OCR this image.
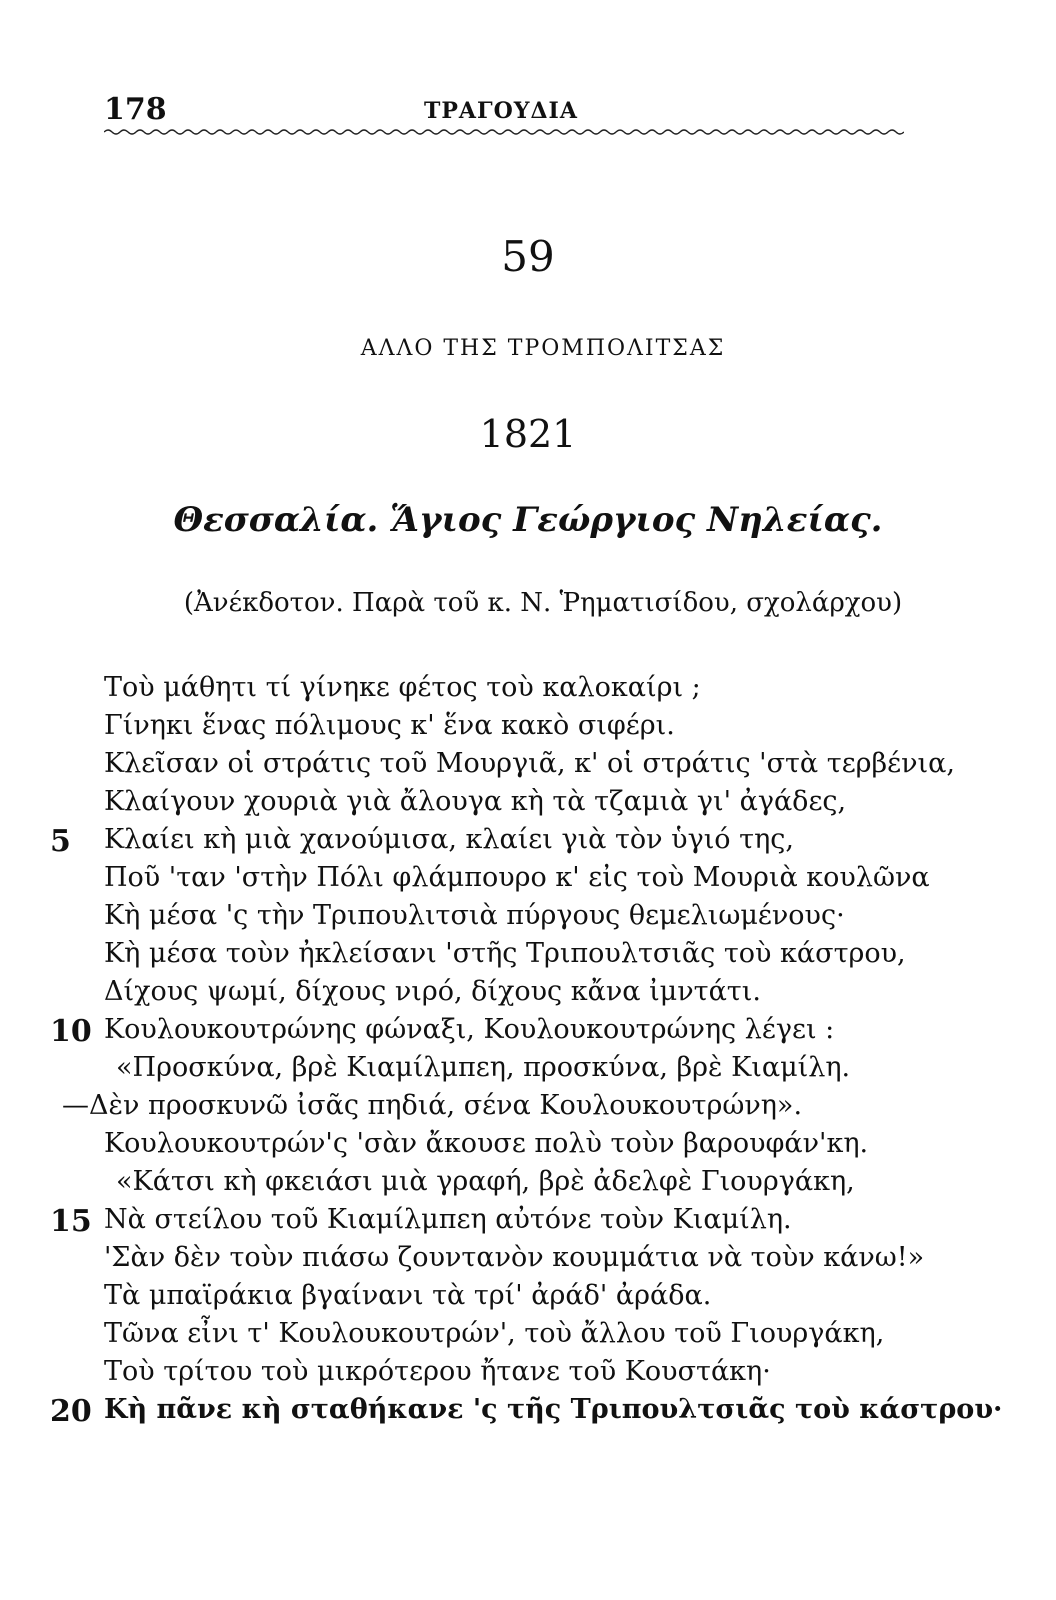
178	ΤΡΑΓΟΥΔΙΑ
59
ΑΛΛΟ ΤΗΣ ΤΡΟΜΠΟΛΙΤΣΑΣ
1821
Θεσσαλία. Ἅγιος Γεώργιος Νηλείας.
(Ἀνέκδοτον. Παρὰ τοῦ κ. Ν. Ῥηματισίδου, σχολάρχου)
Τοὺ μάθητι τί γίνηκε φέτος τοὺ καλοκαίρι ;
Γίνηκι ἕνας πόλιμους κ' ἕνα κακὸ σιφέρι.
Κλεῖσαν οἱ στράτις τοῦ Μουργιᾶ, κ' οἱ στράτις 'στὰ τερβένια,
Κλαίγουν χουριὰ γιὰ ἄλουγα κὴ τὰ τζαμιὰ γι' ἀγάδες,
5	Κλαίει κὴ μιὰ χανούμισα, κλαίει γιὰ τὸν ὑγιό της,
Ποῦ 'ταν 'στὴν Πόλι φλάμπουρο κ' εἰς τοὺ Μουριὰ κουλῶνα
Κὴ μέσα 'ς τὴν Τριπουλιτσιὰ πύργους θεμελιωμένους·
Κὴ μέσα τοὺν ἠκλείσανι 'στῆς Τριπουλτσιᾶς τοὺ κάστρου,
Δίχους ψωμί, δίχους νιρό, δίχους κἄνα ἰμντάτι.
10 Κουλουκουτρώνης φώναξι, Κουλουκουτρώνης λέγει :
«Προσκύνα, βρὲ Κιαμίλμπεη, προσκύνα, βρὲ Κιαμίλη.
—Δὲν προσκυνῶ ἰσᾶς πηδιά, σένα Κουλουκουτρώνη».
Κουλουκουτρών'ς 'σὰν ἄκουσε πολὺ τοὺν βαρουφάν'κη.
«Κάτσι κὴ φκειάσι μιὰ γραφή, βρὲ ἀδελφὲ Γιουργάκη,
15 Νὰ στείλου τοῦ Κιαμίλμπεη αὐτόνε τοὺν Κιαμίλη.
'Σὰν δὲν τοὺν πιάσω ζουντανὸν κουμμάτια νὰ τοὺν κάνω!»
Τὰ μπαϊράκια βγαίνανι τὰ τρί' ἀράδ' ἀράδα.
Τῶνα εἶνι τ' Κουλουκουτρών', τοὺ ἄλλου τοῦ Γιουργάκη,
Τοὺ τρίτου τοὺ μικρότερου ἤτανε τοῦ Κουστάκη·
20 Κὴ πᾶνε κὴ σταθήκανε 'ς τῆς Τριπουλτσιᾶς τοὺ κάστρου·
